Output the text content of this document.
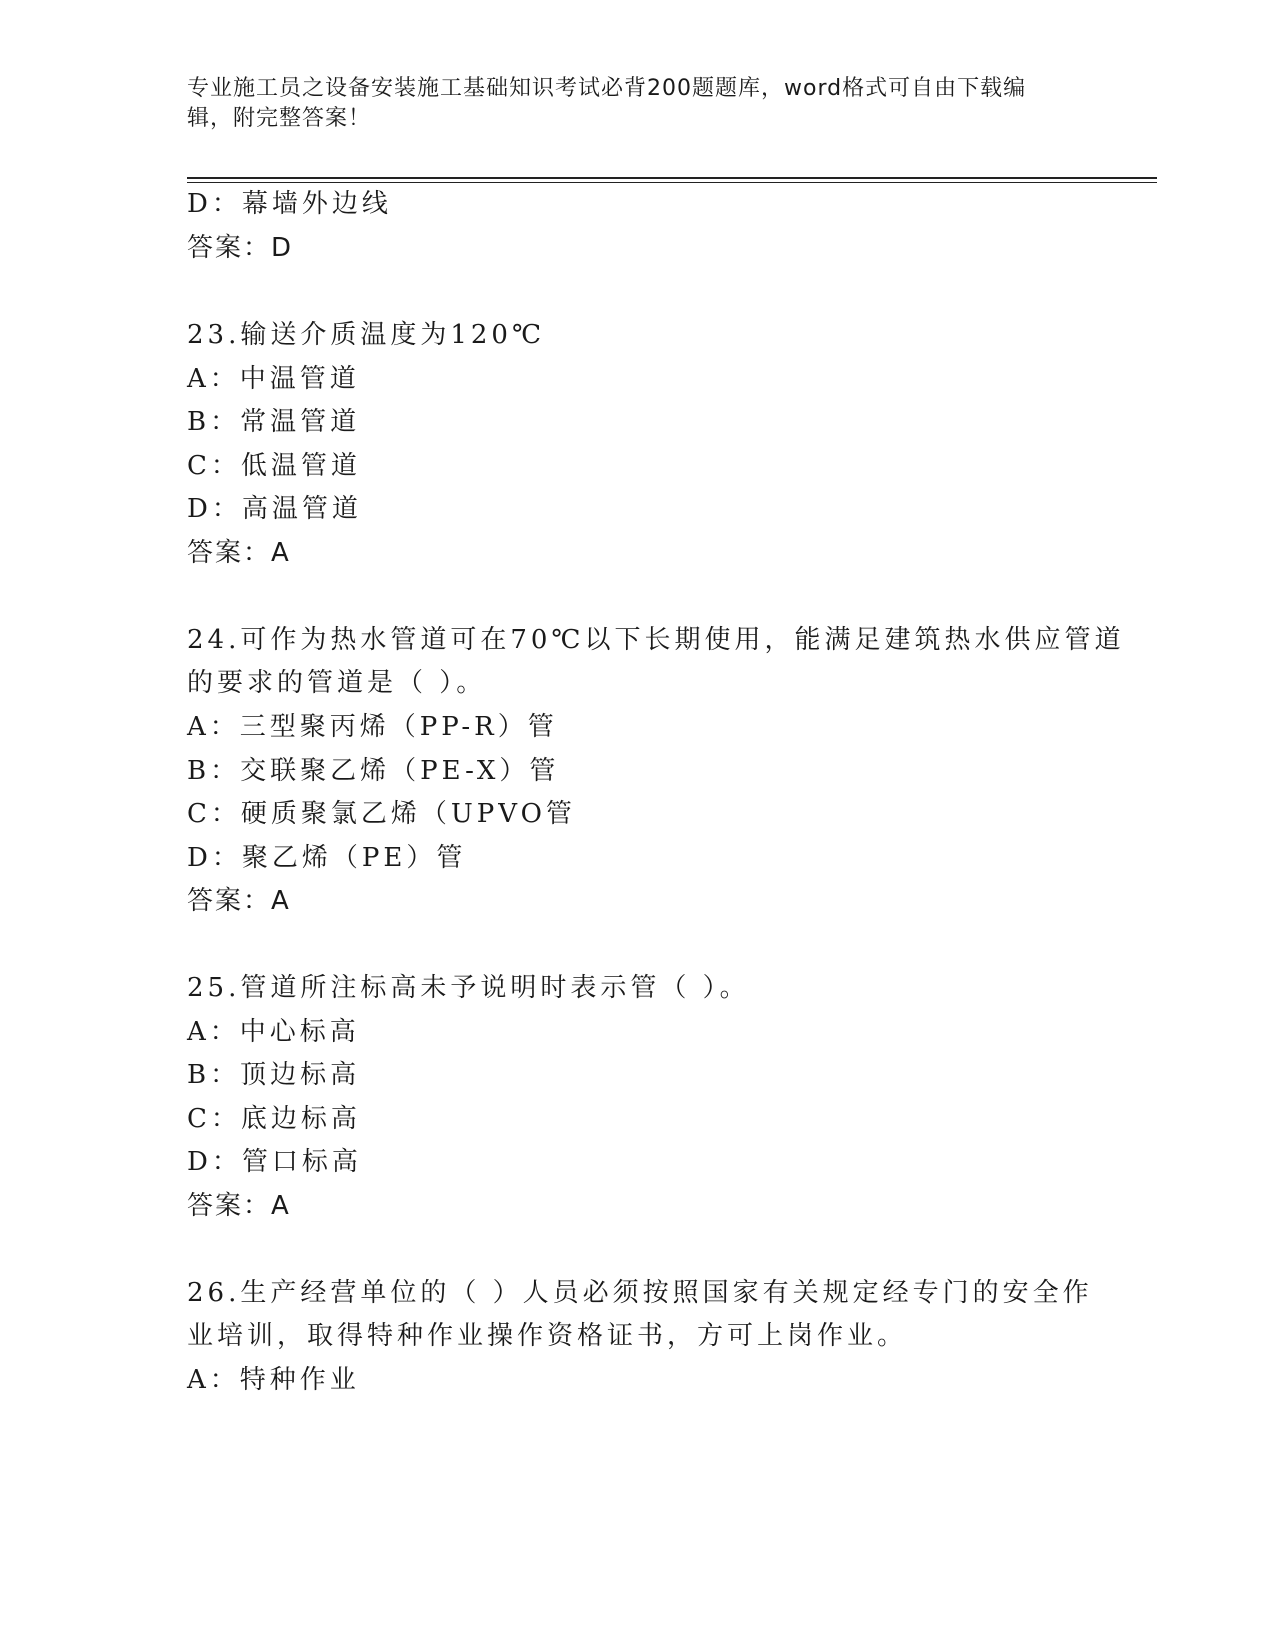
专业施工员之设备安装施工基础知识考试必背200题题库，word格式可自由下载编辑，附完整答案！
D：幕墙外边线
答案：D
23.输送介质温度为120℃
A：中温管道
B：常温管道
C：低温管道
D：高温管道
答案：A
24.可作为热水管道可在70℃以下长期使用，能满足建筑热水供应管道
的要求的管道是（ ）。
A：三型聚丙烯（PP-R）管
B：交联聚乙烯（PE-X）管
C：硬质聚氯乙烯（UPVO管
D：聚乙烯（PE）管
答案：A
25.管道所注标高未予说明时表示管（ ）。
A：中心标高
B：顶边标高
C：底边标高
D：管口标高
答案：A
26.生产经营单位的（ ）人员必须按照国家有关规定经专门的安全作
业培训，取得特种作业操作资格证书，方可上岗作业。
A：特种作业
